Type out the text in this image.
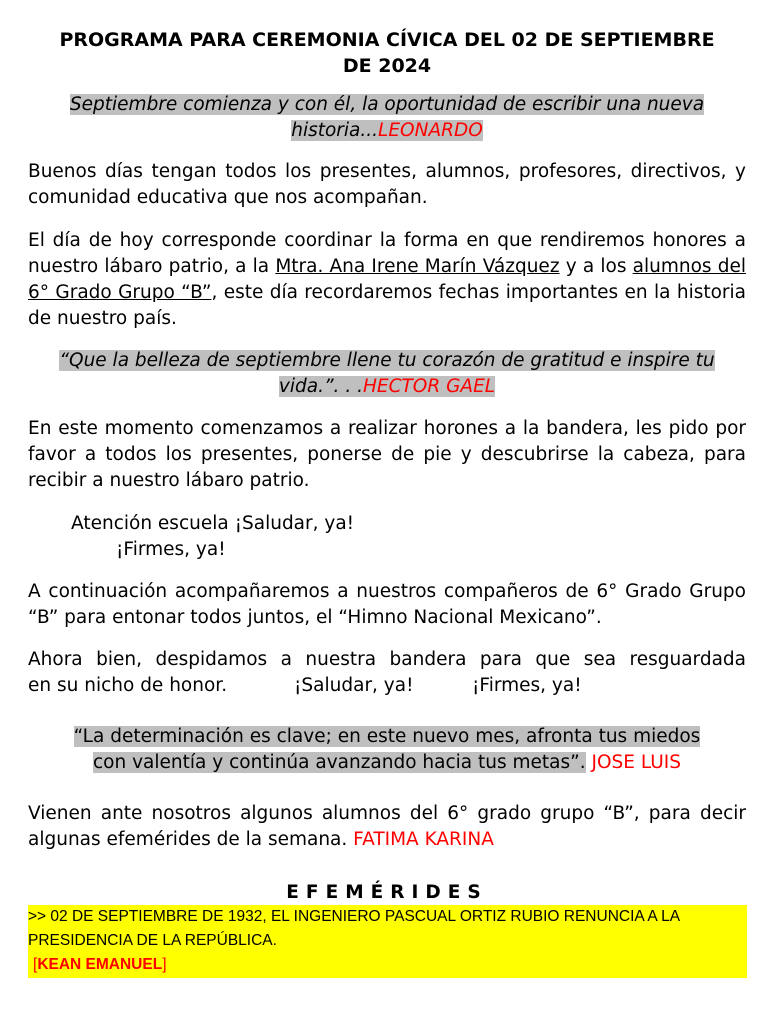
PROGRAMA PARA CEREMONIA CÍVICA DEL 02 DE SEPTIEMBRE
DE 2024
Septiembre comienza y con él, la oportunidad de escribir una nueva
historia...LEONARDO
Buenos días tengan todos los presentes, alumnos, profesores, directivos, y comunidad educativa que nos acompañan.
El día de hoy corresponde coordinar la forma en que rendiremos honores a nuestro lábaro patrio, a la Mtra. Ana Irene Marín Vázquez y a los alumnos del 6° Grado Grupo “B”, este día recordaremos fechas importantes en la historia de nuestro país.
“Que la belleza de septiembre llene tu corazón de gratitud e inspire tu
vida.”. . .HECTOR GAEL
En este momento comenzamos a realizar horones a la bandera, les pido por favor a todos los presentes, ponerse de pie y descubrirse la cabeza, para recibir a nuestro lábaro patrio.
Atención escuela ¡Saludar, ya!
¡Firmes, ya!
A continuación acompañaremos a nuestros compañeros de 6° Grado Grupo “B” para entonar todos juntos, el “Himno Nacional Mexicano”.
Ahora bien, despidamos a nuestra bandera para que sea resguardada
en su nicho de honor.	¡Saludar, ya!	¡Firmes, ya!
“La determinación es clave; en este nuevo mes, afronta tus miedos
con valentía y continúa avanzando hacia tus metas”. JOSE LUIS
Vienen ante nosotros algunos alumnos del 6° grado grupo “B”, para decir algunas efemérides de la semana. FATIMA KARINA
EFEMÉRIDES
>> 02 DE SEPTIEMBRE DE 1932, EL INGENIERO PASCUAL ORTIZ RUBIO RENUNCIA A LA
PRESIDENCIA DE LA REPÚBLICA.
[KEAN EMANUEL]
